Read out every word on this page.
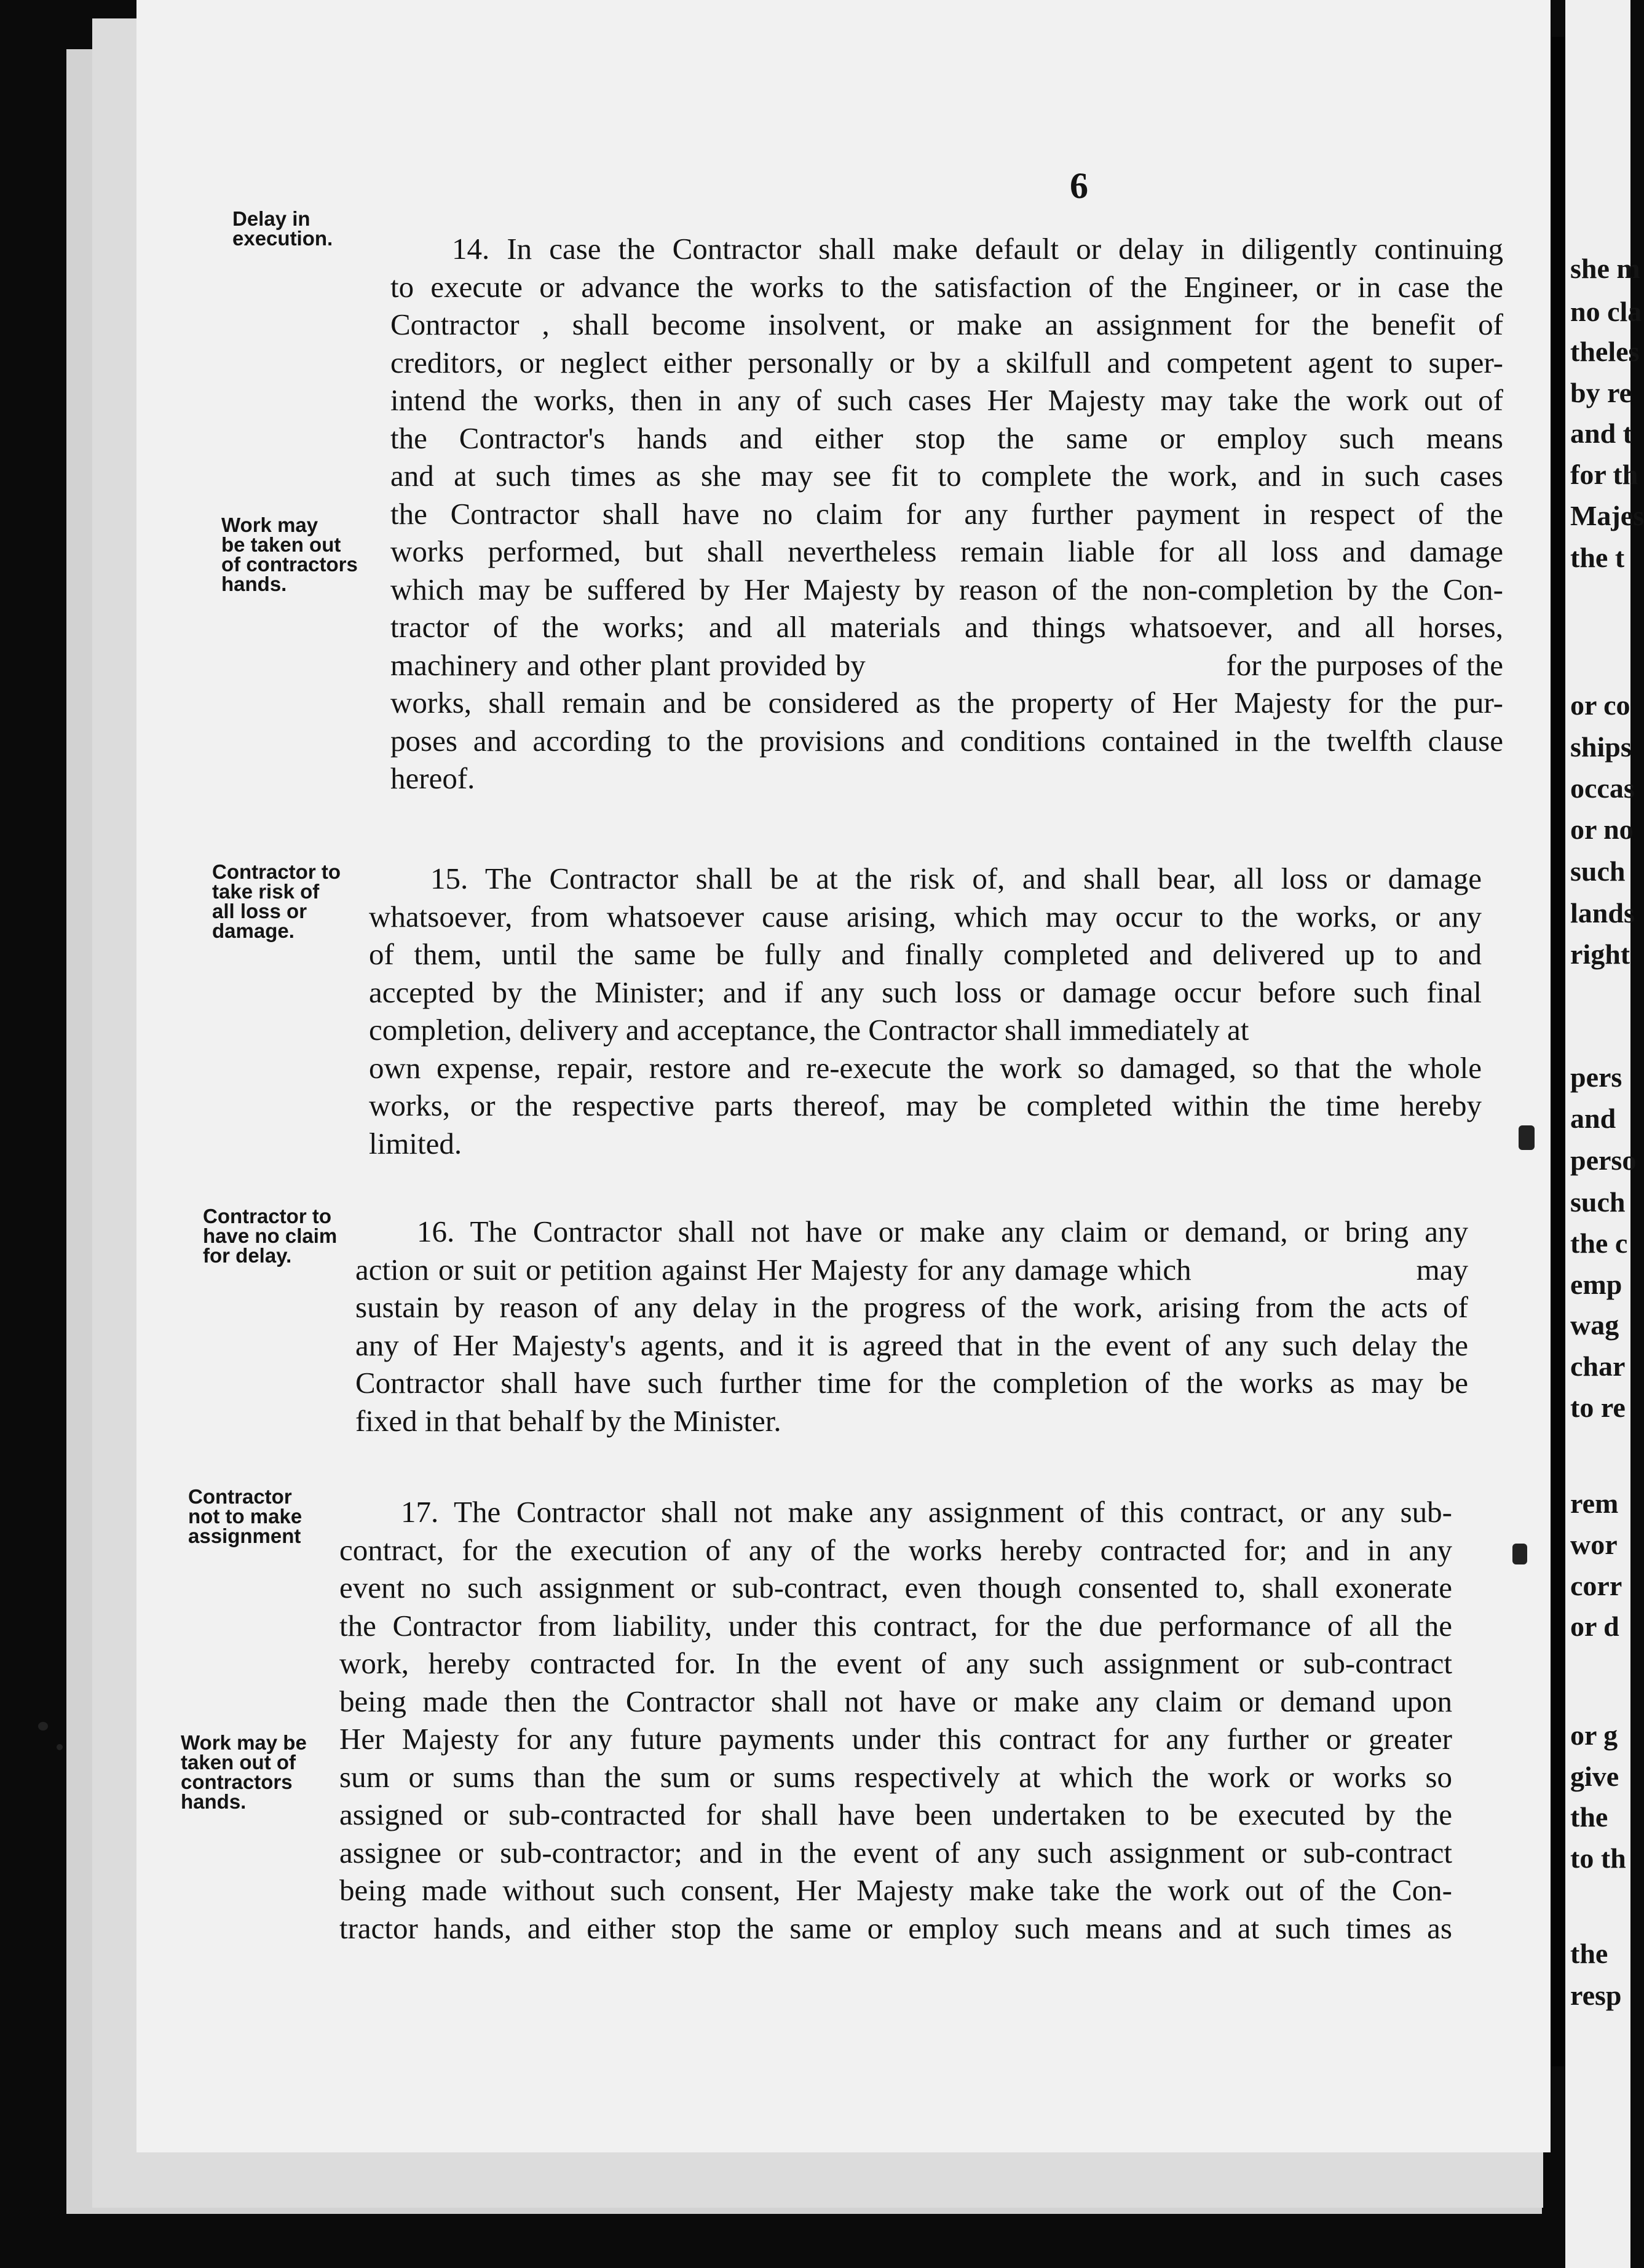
6
Delay in
execution.
Work may
be taken out
of contractors
hands.
Contractor to
take risk of
all loss or
damage.
Contractor to
have no claim
for delay.
Contractor
not to make
assignment
Work may be
taken out of
contractors
hands.
14. In case the Contractor shall make default or delay in diligently continuing
to execute or advance the works to the satisfaction of the Engineer, or in case the
Contractor , shall become insolvent, or make an assignment for the benefit of
creditors, or neglect either personally or by a skilfull and competent agent to super-
intend the works, then in any of such cases Her Majesty may take the work out of
the Contractor's hands and either stop the same or employ such means
and at such times as she may see fit to complete the work, and in such cases
the Contractor shall have no claim for any further payment in respect of the
works performed, but shall nevertheless remain liable for all loss and damage
which may be suffered by Her Majesty by reason of the non-completion by the Con-
tractor of the works; and all materials and things whatsoever, and all horses,
machinery and other plant provided by                                        for the purposes of the
works, shall remain and be considered as the property of Her Majesty for the pur-
poses and according to the provisions and conditions contained in the twelfth clause
hereof.
15. The Contractor shall be at the risk of, and shall bear, all loss or damage
whatsoever, from whatsoever cause arising, which may occur to the works, or any
of them, until the same be fully and finally completed and delivered up to and
accepted by the Minister; and if any such loss or damage occur before such final
completion, delivery and acceptance, the Contractor shall immediately at
own expense, repair, restore and re-execute the work so damaged, so that the whole
works, or the respective parts thereof, may be completed within the time hereby
limited.
16. The Contractor shall not have or make any claim or demand, or bring any
action or suit or petition against Her Majesty for any damage which                        may
sustain by reason of any delay in the progress of the work, arising from the acts of
any of Her Majesty's agents, and it is agreed that in the event of any such delay the
Contractor shall have such further time for the completion of the works as may be
fixed in that behalf by the Minister.
17. The Contractor shall not make any assignment of this contract, or any sub-
contract, for the execution of any of the works hereby contracted for; and in any
event no such assignment or sub-contract, even though consented to, shall exonerate
the Contractor from liability, under this contract, for the due performance of all the
work, hereby contracted for. In the event of any such assignment or sub-contract
being made then the Contractor shall not have or make any claim or demand upon
Her Majesty for any future payments under this contract for any further or greater
sum or sums than the sum or sums respectively at which the work or works so
assigned or sub-contracted for shall have been undertaken to be executed by the
assignee or sub-contractor; and in the event of any such assignment or sub-contract
being made without such consent, Her Majesty make take the work out of the Con-
tractor hands, and either stop the same or employ such means and at such times as
she m
no cla
theles
by re
and t
for th
Majes
the t
or co
ships
occas
or no
such
lands
right
pers
and
perso
such
the c
emp
wag
char
to re
rem
wor
corr
or d
or g
give
the
to th
the
resp
